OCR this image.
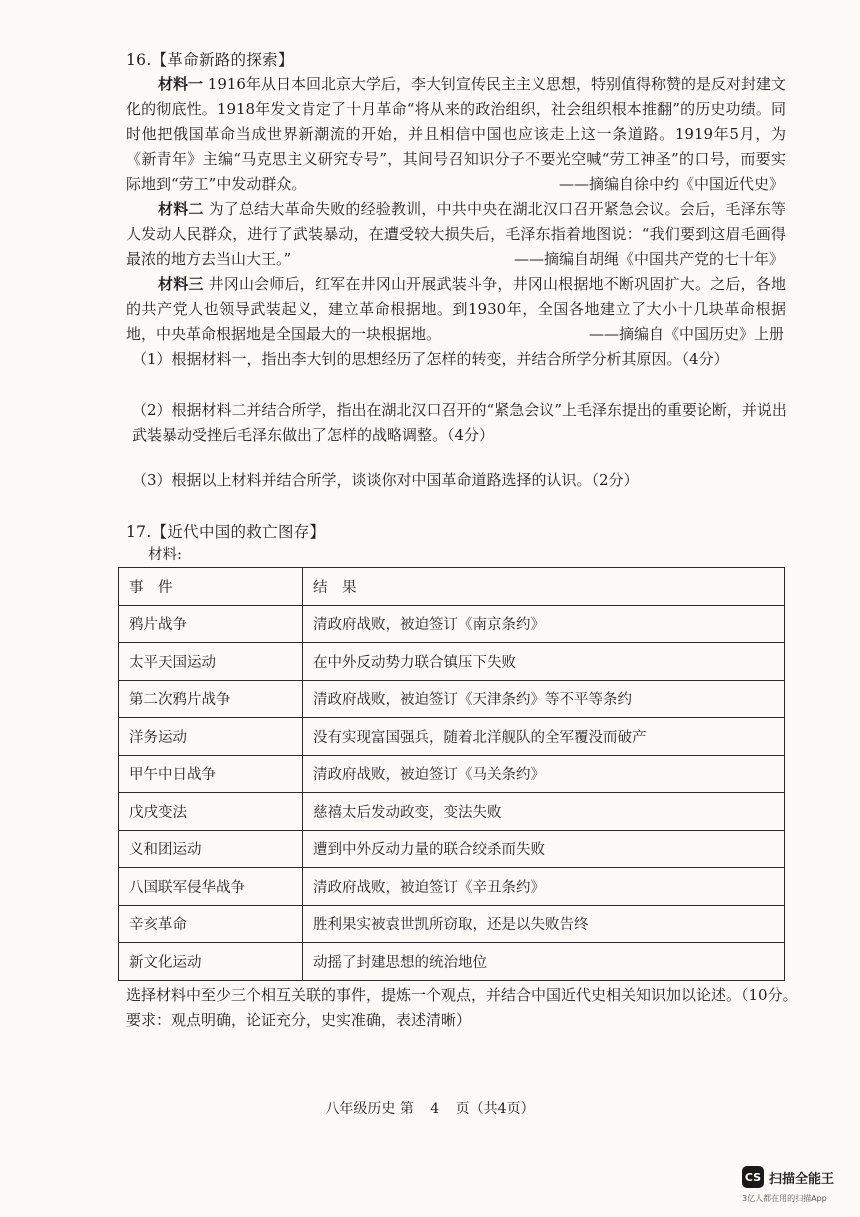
16.【革命新路的探索】

材料一 1916年从日本回北京大学后，李大钊宣传民主主义思想，特别值得称赞的是反对封建文化的彻底性。1918年发文肯定了十月革命“将从来的政治组织，社会组织根本推翻”的历史功绩。同时他把俄国革命当成世界新潮流的开始，并且相信中国也应该走上这一条道路。1919年5月，为《新青年》主编“马克思主义研究专号”，其间号召知识分子不要光空喊“劳工神圣”的口号，而要实际地到“劳工”中发动群众。	——摘编自徐中约《中国近代史》

材料二 为了总结大革命失败的经验教训，中共中央在湖北汉口召开紧急会议。会后，毛泽东等人发动人民群众，进行了武装暴动，在遭受较大损失后，毛泽东指着地图说：“我们要到这眉毛画得最浓的地方去当山大王。”	——摘编自胡绳《中国共产党的七十年》

材料三 井冈山会师后，红军在井冈山开展武装斗争，井冈山根据地不断巩固扩大。之后，各地的共产党人也领导武装起义，建立革命根据地。到1930年，全国各地建立了大小十几块革命根据地，中央革命根据地是全国最大的一块根据地。	——摘编自《中国历史》上册

（1）根据材料一，指出李大钊的思想经历了怎样的转变，并结合所学分析其原因。（4分）

（2）根据材料二并结合所学，指出在湖北汉口召开的“紧急会议”上毛泽东提出的重要论断，并说出武装暴动受挫后毛泽东做出了怎样的战略调整。（4分）

（3）根据以上材料并结合所学，谈谈你对中国革命道路选择的认识。（2分）

17.【近代中国的救亡图存】
材料:
事　件	结　果
鸦片战争	清政府战败，被迫签订《南京条约》
太平天国运动	在中外反动势力联合镇压下失败
第二次鸦片战争	清政府战败，被迫签订《天津条约》等不平等条约
洋务运动	没有实现富国强兵，随着北洋舰队的全军覆没而破产
甲午中日战争	清政府战败，被迫签订《马关条约》
戊戌变法	慈禧太后发动政变，变法失败
义和团运动	遭到中外反动力量的联合绞杀而失败
八国联军侵华战争	清政府战败，被迫签订《辛丑条约》
辛亥革命	胜利果实被袁世凯所窃取，还是以失败告终
新文化运动	动摇了封建思想的统治地位

选择材料中至少三个相互关联的事件，提炼一个观点，并结合中国近代史相关知识加以论述。（10分。要求：观点明确，论证充分，史实准确，表述清晰）

八年级历史 第 4 页（共4页）
CS 扫描全能王
3亿人都在用的扫描App
